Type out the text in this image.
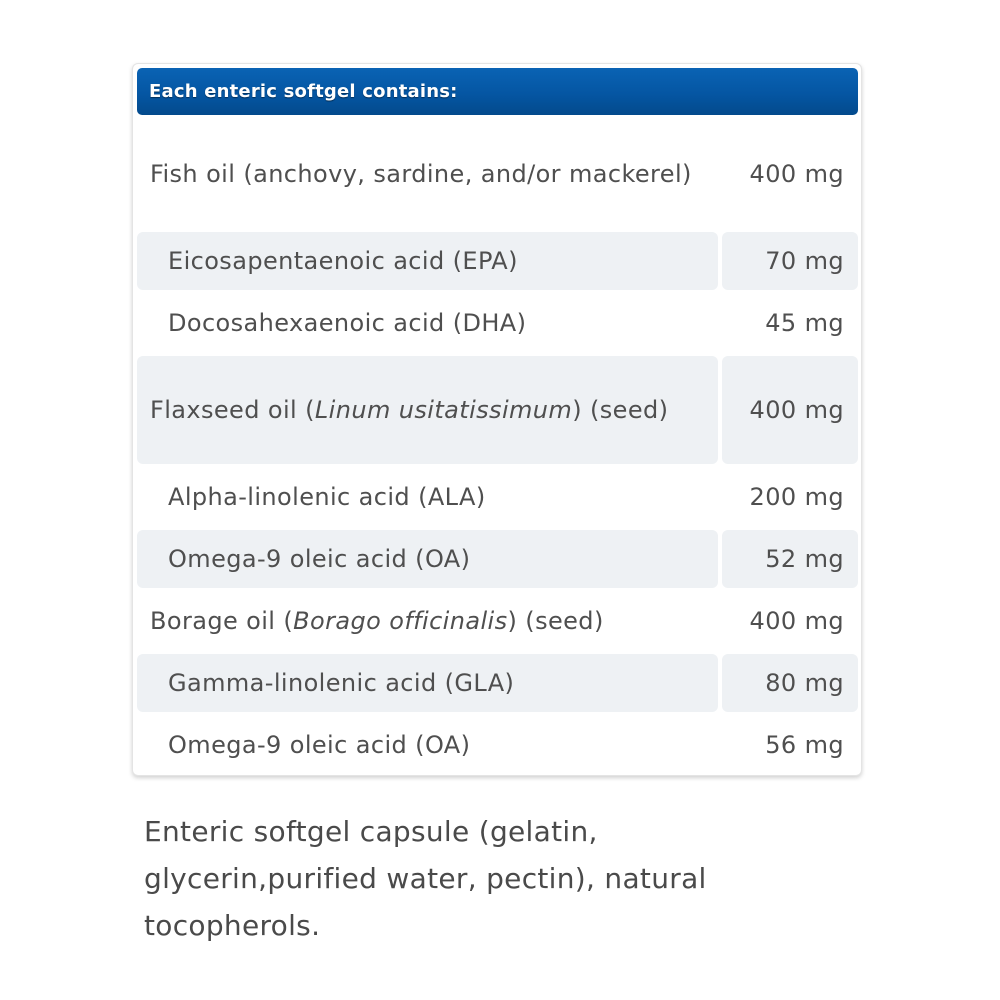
Each enteric softgel contains:
Fish oil (anchovy, sardine, and/or mackerel)	400 mg
Eicosapentaenoic acid (EPA)	70 mg
Docosahexaenoic acid (DHA)	45 mg
Flaxseed oil (Linum usitatissimum) (seed)	400 mg
Alpha-linolenic acid (ALA)	200 mg
Omega-9 oleic acid (OA)	52 mg
Borage oil (Borago officinalis) (seed)	400 mg
Gamma-linolenic acid (GLA)	80 mg
Omega-9 oleic acid (OA)	56 mg
Enteric softgel capsule (gelatin, glycerin,purified water, pectin), natural tocopherols.
